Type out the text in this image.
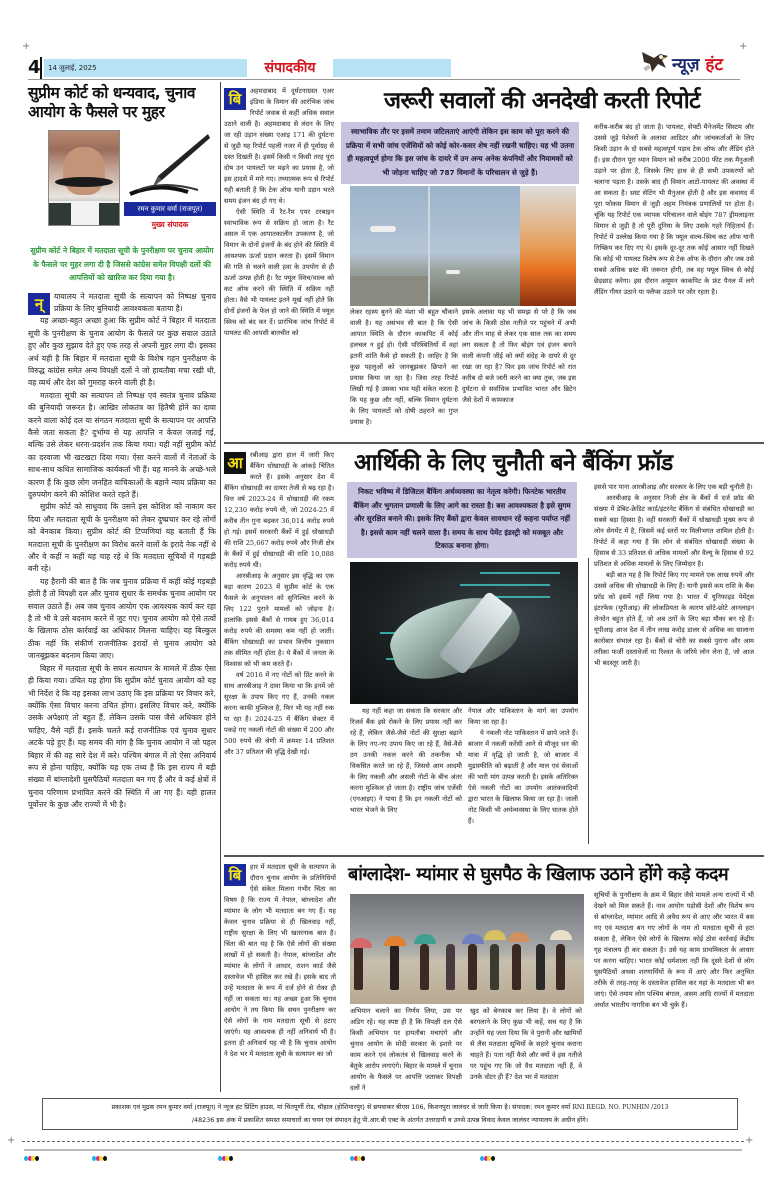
+	+
+	+
4	14 जुलाई, 2025	संपादकीय	न्यूज़ हंट
सुप्रीम कोर्ट को धन्यवाद, चुनाव आयोग के फैसले पर मुहर
रमन कुमार वर्मा (राजपूत)
मुख्य संपादक
सुप्रीम कोर्ट ने बिहार में मतदाता सूची के पुनरीक्षण पर चुनाव आयोग के फैसले पर मुहर लगा दी है जिससे कांग्रेस समेत विपक्षी दलों की आपत्तियों को खारिज कर दिया गया है।

न्	यायालय ने मतदाता सूची के सत्यापन को निष्पक्ष चुनाव प्रक्रिया के लिए बुनियादी आवश्यकता बताया है।

यह अच्छा-बहुत अच्छा हुआ कि सुप्रीम कोर्ट ने बिहार में मतदाता सूची के पुनरीक्षण के चुनाव आयोग के फैसले पर कुछ सवाल उठाते हुए और कुछ सुझाव देते हुए एक तरह से अपनी मुहर लगा दी। इसका अर्थ यही है कि बिहार में मतदाता सूची के विशेष गहन पुनरीक्षण के विरुद्ध कांग्रेस समेत अन्य विपक्षी दलों ने जो हायतौबा मचा रखी थी, वह व्यर्थ और देश को गुमराह करने वाली ही है।

मतदाता सूची का सत्यापन तो निष्पक्ष एवं स्वतंत्र चुनाव प्रक्रिया की बुनियादी जरूरत है। आखिर लोकतंत्र का हितैषी होने का दावा करने वाला कोई दल या संगठन मतदाता सूची के सत्यापन पर आपत्ति कैसे जता सकता है? दुर्भाग्य से यह आपत्ति न केवल जताई गई, बल्कि उसे लेकर धरना-प्रदर्शन तक किया गया। यही नहीं सुप्रीम कोर्ट का दरवाजा भी खटखटा दिया गया। ऐसा करने वालों में नेताओं के साथ-साथ कथित सामाजिक कार्यकर्ता भी हैं। यह मानने के अच्छे-भले कारण हैं कि कुछ लोग जनहित याचिकाओं के बहाने न्याय प्रक्रिया का दुरुपयोग करने की कोशिश करते रहते हैं।

सुप्रीम कोर्ट को साधुवाद कि उसने इस कोशिश को नाकाम कर दिया और मतदाता सूची के पुनरीक्षण को लेकर दुष्प्रचार कर रहे लोगों को बेनकाब किया। सुप्रीम कोर्ट की टिप्पणियां यह बताती हैं कि मतदाता सूची के पुनरीक्षण का विरोध करने वालों के इरादे नेक नहीं थे और वे कहीं न कहीं यह चाह रहे थे कि मतदाता सूचियों में गड़बड़ी बनी रहे।

यह हैरानी की बात है कि जब चुनाव प्रक्रिया में कहीं कोई गड़बड़ी होती है तो विपक्षी दल और चुनाव सुधार के समर्थक चुनाव आयोग पर सवाल उठाते हैं। अब जब चुनाव आयोग एक आवश्यक कार्य कर रहा है तो भी वे उसे बदनाम करने में जुट गए। चुनाव आयोग को ऐसे तत्वों के खिलाफ ठोस कार्रवाई का अधिकार मिलना चाहिए। यह बिल्कुल ठीक नहीं कि संकीर्ण राजनीतिक इरादों से चुनाव आयोग को जानबूझकर बदनाम किया जाए।

बिहार में मतदाता सूची के सघन सत्यापन के मामले में ठीक ऐसा ही किया गया। उचित यह होगा कि सुप्रीम कोर्ट चुनाव आयोग को यह भी निर्देश दे कि वह इसका लाभ उठाए कि इस प्रक्रिया पर विचार करे, क्योंकि ऐसा विचार करना उचित होगा। इसलिए विचार करे, क्योंकि उसके अपेक्षाएं तो बहुत हैं, लेकिन उसके पास जैसे अधिकार होने चाहिए, वैसे नहीं हैं। इसके चलते कई राजनीतिक एवं चुनाव सुधार अटके पड़े हुए हैं। यह समय की मांग है कि चुनाव आयोग ने जो पहल बिहार में की वह सारे देश में करे। पश्चिम बंगाल में तो ऐसा अनिवार्य रूप से होना चाहिए, क्योंकि यह एक तथ्य है कि इस राज्य में बड़ी संख्या में बांग्लादेशी घुसपैठियों मतदाता बन गए हैं और वे कई क्षेत्रों में चुनाव परिणाम प्रभावित करने की स्थिति में आ गए हैं। यही हालत पूर्वोत्तर के कुछ और राज्यों में भी है।

जरूरी सवालों की अनदेखी करती रिपोर्ट

बि	अहमदाबाद में दुर्घटनाग्रस्त एअर इंडिया के विमान की आरंभिक जांच रिपोर्ट जवाब से कहीं अधिक सवाल उठाने वाली है। अहमदाबाद से लंदन के लिए जा रही उड़ान संख्या एआइ 171 की दुर्घटना से जुड़ी यह रिपोर्ट पहली नजर में ही पूर्वाग्रह से ग्रस्त दिखती है। इसमें किसी न किसी तरह पूरा दोष उन पायलटों पर मढ़ने का प्रयास है, जो इस हादसे में मारे गए। तथ्यात्मक रूप से रिपोर्ट यही बताती है कि टेक ऑफ यानी उड़ान भरते समय इंजन बंद हो गए थे।

ऐसी स्थिति में रैट-रैम एयर टरबाइन स्वाभाविक रूप से सक्रिय हो जाता है। रैट असल में एक आपातकालीन उपकरण है, जो विमान के दोनों इंजनों के बंद होने की स्थिति में आवश्यक ऊर्जा प्रदान करता है। इसमें विमान की गति से चलने वाली हवा के उपयोग से ही ऊर्जा उत्पन्न होती है। रैट फ्यूल स्विच/वाल्व को कट ऑफ करने की स्थिति में सक्रिय नहीं होता। वैसे भी पायलट इतने मूर्ख नहीं होते कि दोनों इंजनों के फेल हो जाने की स्थिति में फ्यूल स्विच को बंद कर दें। प्रारंभिक जांच रिपोर्ट में पायलट की आपसी बातचीत को

स्वाभाविक तौर पर इसमें तमाम जटिलताएं आएंगी लेकिन इस काम को पूरा करने की प्रक्रिया में सभी जांच एजेंसियों को कोई कोर-कसर शेष नहीं रखनी चाहिए। यह भी उतना ही महत्वपूर्ण होगा कि इस जांच के दायरे में उन अन्य अनेक कंपनियों और नियामकों को भी जोड़ना चाहिए जो 787 विमानों के परिचालन से जुड़े हैं।
लेकर रहस्य बुनने की मंशा भी बहुत चौंकाने वाली है। यह असंभव सी बात है कि ऐसी आपात स्थिति के दौरान काकपिट में कोई हलचल न हुई हो। ऐसी परिस्थितियों में वहां इतनी शांति कैसे हो सकती है। जाहिर है कि कुछ पहलुओं को जानबूझकर छिपाने का प्रयास किया जा रहा है। जिस तरह रिपोर्ट लिखी गई है उसका भाव यही संकेत करता है कि यह कुछ और नहीं, बल्कि विमान दुर्घटना के लिए पायलटों को दोषी ठहराने का गुप्त प्रयास है।
इसके अलावा यह भी समझ से परे है कि जब जांच के किसी ठोस नतीजे पर पहुंचने में अभी और तीन माह से लेकर एक साल तक का समय लग सकता है तो फिर बोइंग एवं इंजन बनाने वाली कंपनी जीई को क्यों संदेह के दायरे से दूर रखा जा रहा है? फिर इस जांच रिपोर्ट को रात करीब दो बजे जारी करने का क्या तुक, जब इस दुर्घटना से सर्वाधिक प्रभावित भारत और ब्रिटेन जैसे देशों में कामकाज
करीब-करीब बंद हो जाता है। पायलट, सेफ्टी मैनेजमेंट सिस्टम और उससे जुड़े पेशेवरों के अलावा आडिटर और जांचकर्ताओं के लिए किसी उड़ान के दो सबसे महत्वपूर्ण पड़ाव टेक ऑफ और लैंडिंग होते हैं। इस दौरान पूरा ध्यान विमान को करीब 2000 फीट तक मैनुअली उड़ाने पर होता है, जिसके लिए हाथ से ही सभी उपकरणों को चलाना पड़ता है। उसके बाद ही विमान आटो-पायलट की अवस्था में आ सकता है। थ्रस्ट सेटिंग भी मैनुअल होती है और इस कवायद में पूरा फोकस विमान से जुड़ी अहम नियंत्रक प्रणालियों पर होता है। चूंकि यह रिपोर्ट एक व्यापक परिचालन वाले बोइंग 787 ड्रीमलाइनर विमान से जुड़ी है तो पूरी दुनिया के लिए उसके गहरे निहितार्थ हैं। रिपोर्ट में उल्लेख किया गया है कि फ्यूल वाल्व-स्विच कट ऑफ यानी निष्क्रिय कर दिए गए थे। इसके दूर-दूर तक कोई आसार नहीं दिखते कि कोई भी पायलट विशेष रूप से टेक ऑफ के दौरान और जब उसे सबसे अधिक थ्रस्ट की जरूरत होगी, तब वह फ्यूल स्विच से कोई छेड़छाड़ करेगा। इस दौरान अमूमन काकपिट के फ्रंट पैनल में लगे लैंडिंग गीयर उठाने या फ्लैप्स उठाने पर जोर रहता है।
आर्थिकी के लिए चुनौती बने बैंकिंग फ्रॉड

आ	रबीआइ द्वारा हाल में जारी किए बैंकिंग धोखाधड़ी के आंकड़े चिंतित करते हैं। इसके अनुसार देश में बैंकिंग धोखाधड़ी का दायरा तेजी से बढ़ रहा है। वित्त वर्ष 2023-24 में धोखाधड़ी की रकम 12,230 करोड़ रुपये थी, जो 2024-25 में करीब तीन गुना बढ़कर 36,014 करोड़ रुपये हो गई। इसमें सरकारी बैंकों में हुई धोखाधड़ी की राशि 25,667 करोड़ रुपये और निजी क्षेत्र के बैंकों में हुई धोखाधड़ी की राशि 10,088 करोड़ रुपये थी।

आरबीआइ के अनुसार इस वृद्धि का एक बड़ा कारण 2023 में सुप्रीम कोर्ट के एक फैसले के अनुपालन को सुनिश्चित करने के लिए 122 पुराने मामलों को जोड़ना है। हालांकि इससे बैंकों से गायब हुए 36,014 करोड़ रुपये की समस्या कम नहीं हो जाती। बैंकिंग धोखाधड़ी का प्रभाव वित्तीय नुकसान तक सीमित नहीं होता है। ये बैंकों में जनता के विश्वास को भी कम करते हैं।

वर्ष 2016 में नए नोटों को प्रिंट करने के साथ आरबीआइ ने दावा किया था कि इनमें जो सुरक्षा के उपाय किए गए हैं, उनकी नकल करना काफी मुश्किल है, फिर भी यह नहीं रुक पा रहा है। 2024-25 में बैंकिंग सेक्टर में पकड़े गए नकली नोटों की संख्या में 200 और 500 रुपये की श्रेणी में क्रमशः 14 प्रतिशत और 37 प्रतिशत की वृद्धि देखी गई।

निकट भविष्य में डिजिटल बैंकिंग अर्थव्यवस्था का नेतृत्व करेगी। फिनटेक भारतीय बैंकिंग और भुगतान प्रणाली के लिए आगे का रास्ता है। बस आवश्यकता है इसे सुगम और सुरक्षित बनाने की। इसके लिए बैंकों द्वारा केवल सावधान रहें कहना पर्याप्त नहीं है। इससे काम नहीं चलने वाला है। समय के साथ पेमेंट इंडस्ट्री को मजबूत और टिकाऊ बनाना होगा।

यह नहीं कहा जा सकता कि सरकार और रिजर्व बैंक इसे रोकने के लिए प्रयास नहीं कर रहे हैं, लेकिन जैसे-जैसे नोटों की सुरक्षा बढ़ाने के लिए नए-नए उपाय किए जा रहे हैं, वैसे-वैसे ठग उनकी नकल करने की तकनीक भी विकसित करते जा रहे हैं, जिससे आम आदमी के लिए नकली और असली नोटों के बीच अंतर करना मुश्किल हो जाता है। राष्ट्रीय जांच एजेंसी (एनआइए) ने पाया है कि इन नकली नोटों को भारत भेजने के लिए

नेपाल और पाकिस्तान के मार्ग का उपयोग किया जा रहा है।

ये नकली नोट पाकिस्तान में छापे जाते हैं। बाजार में नकली करेंसी आने से मौजूद धन की मात्रा में वृद्धि हो जाती है, जो बाजार में मुद्रास्फीति को बढ़ाती है और माल एवं सेवाओं की भारी मांग उत्पन्न करती है। इसके अतिरिक्त ऐसे नकली नोटों का उपयोग आतंकवादियों द्वारा भारत के खिलाफ किया जा रहा है। जाली नोट किसी भी अर्थव्यवस्था के लिए घातक होते हैं।

इससे पार पाना आरबीआइ और सरकार के लिए एक बड़ी चुनौती है।

आरबीआइ के अनुसार निजी क्षेत्र के बैंकों में दर्ज फ्रॉड की संख्या में डेबिट-क्रेडिट कार्ड/इंटरनेट बैंकिंग से संबंधित धोखाधड़ी का सबसे बड़ा हिस्सा है। वहीं सरकारी बैंकों में धोखाधड़ी मुख्य रूप से लोन सेगमेंट में है, जिसमें कई स्तरों पर मिलीभगत शामिल होती है। रिपोर्ट में कहा गया है कि लोन से संबंधित धोखाधड़ी संख्या के हिसाब से 33 प्रतिशत से अधिक मामलों और वैल्यू के हिसाब से 92 प्रतिशत से अधिक मामलों के लिए जिम्मेदार है।

बड़ी बात यह है कि रिपोर्ट किए गए मामले एक लाख रुपये और उससे अधिक की धोखाधड़ी के लिए हैं। यानी इससे कम राशि के बैंक फ्रॉड को इसमें नहीं लिया गया है। भारत में यूनिफाइड पेमेंट्स इंटरफेस (यूपीआइ) की लोकप्रियता के कारण छोटे-छोटे आनलाइन लेनदेन बहुत होते हैं, जो अब ठगों के लिए बड़ा मौका बन रहे हैं। यूपीआइ आज देश में तीन लाख करोड़ डालर से अधिक का सालाना कारोबार संभाल रहा है। बैंकों से चोरी का सबसे पुराना और आम तरीका फर्जी दस्तावेजों या रिश्वत के जरिये लोन लेना है, जो आज भी बदस्तूर जारी है।

बांग्लादेश- म्यांमार से घुसपैठ के खिलाफ उठाने होंगे कड़े कदम

बि	हार में मतदाता सूची के सत्यापन के दौरान चुनाव आयोग के प्रतिनिधियों ऐसे संकेत मिलना गंभीर चिंता का विषय है कि राज्य में नेपाल, बांग्लादेश और म्यांमार के लोग भी मतदाता बन गए हैं। यह केवल चुनाव प्रक्रिया से ही खिलवाड़ नहीं, राष्ट्रीय सुरक्षा के लिए भी खतरनाक बात है। चिंता की बात यह है कि ऐसे लोगों की संख्या लाखों में हो सकती है। नेपाल, बांग्लादेश और म्यांमार के लोगों ने आधार, राशन कार्ड जैसे दस्तावेज भी हासिल कर रखे हैं। इसके बाद तो उन्हें मतदाता के रूप में दर्ज होने से रोका ही नहीं जा सकता था। यह अच्छा हुआ कि चुनाव आयोग ने तय किया कि सघन पुनरीक्षण कर ऐसे लोगों के नाम मतदाता सूची से हटाए जाएंगे। यह आवश्यक ही नहीं अनिवार्य भी है। इतना ही अनिवार्य यह भी है कि चुनाव आयोग ने देश भर में मतदाता सूची के सत्यापन का जो

अभियान चलाने का निर्णय लिया, उस पर अडिग रहे। यह स्पष्ट ही है कि विपक्षी दल ऐसे किसी अभियान पर हायतौबा मचाएंगे और चुनाव आयोग के मोदी सरकार के इशारे पर काम करने एवं लोकतंत्र से खिलवाड़ करने के बेतुके आरोप लगाएंगे। बिहार के मामले में चुनाव आयोग के फैसले पर आपत्ति जताकर विपक्षी दलों ने
खुद को बेनकाब कर लिया है। वे लोगों को बरगलाने के लिए कुछ भी कहें, सच यह है कि उन्होंने यह जता दिया कि वे पुरानी और खामियों से लैस मतदाता सूचियों के सहारे चुनाव कराना चाहते हैं। पता नहीं कैसे और क्यों वे इस नतीजे पर पहुंच गए कि जो वैध मतदाता नहीं हैं, वे उनके वोटर ही हैं? देश भर में मतदाता
सूचियों के पुनरीक्षण के क्रम में बिहार जैसे मामले अन्य राज्यों में भी देखने को मिल सकते हैं। नाव आयोग पड़ोसी देशों और विशेष रूप से बांग्लादेश, म्यांमार आदि से अवैध रूप से आए और भारत में बस गए एवं मतदाता बन गए लोगों के नाम तो मतदाता सूची से हटा सकता है, लेकिन ऐसे लोगों के खिलाफ कोई ठोस कार्रवाई केंद्रीय गृह मंत्रालय ही कर सकता है। उसे यह काम प्राथमिकता के आधार पर करना चाहिए। भारत कोई धर्मशाला नहीं कि दूसरे देशों से लोग घुसपैठियों अथवा शरणार्थियों के रूप में आएं और फिर अनुचित तरीके से तरह-तरह के दस्तावेज हासिल कर यहां के मतदाता भी बन जाएं। ऐसे तमाम लोग पश्चिम बंगाल, असम आदि राज्यों में मतदाता अर्थात भारतीय नागरिक बन भी चुके हैं।
प्रकाशक एवं मुद्रक रमन कुमार वर्मा (राजपूत) ने न्यूज हंट प्रिंटिंग हाउस, मां चिंतपूर्णी रोड, चौहाल (होशियारपुर) से छपवाकर बीएस 106, किशनपुरा जालंधर से जारी किया है। संपादक: रमन कुमार वर्मा RNI REGD. NO. PUNHIN /2013
/48236 इस अंक में प्रकाशित समस्त समाचारों का चयन एवं संपादन हेतु पी.आर.बी एक्ट के अंतर्गत उत्तरदायी व उनसे उत्पन्न विवाद केवल जालंधर न्यायालय के अधीन होंगे।
